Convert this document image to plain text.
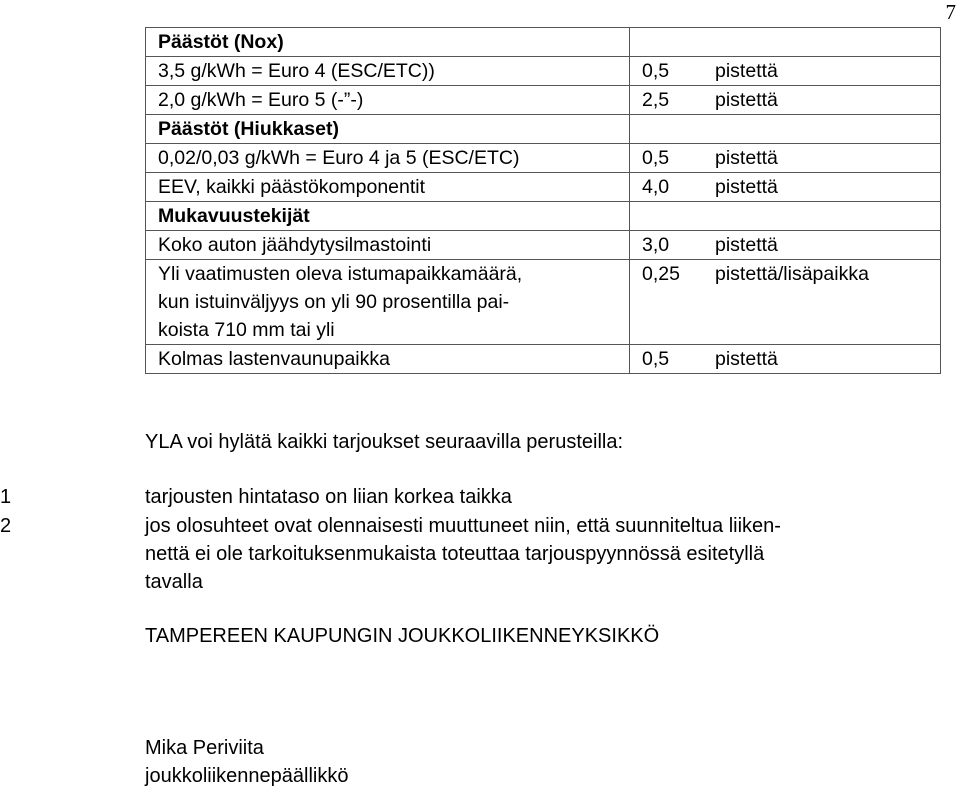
7
Päästöt (Nox)		
3,5 g/kWh = Euro 4 (ESC/ETC))	0,5	pistettä
2,0 g/kWh = Euro 5 (-”-)	2,5	pistettä
Päästöt (Hiukkaset)		
0,02/0,03 g/kWh = Euro 4 ja 5 (ESC/ETC)	0,5	pistettä
EEV, kaikki päästökomponentit	4,0	pistettä
Mukavuustekijät		
Koko auton jäähdytysilmastointi	3,0	pistettä
Yli vaatimusten oleva istumapaikkamäärä,
kun istuinväljyys on yli 90 prosentilla pai-
koista 710 mm tai yli	0,25	pistettä/lisäpaikka
Kolmas lastenvaunupaikka	0,5	pistettä
YLA voi hylätä kaikki tarjoukset seuraavilla perusteilla:
1	tarjousten hintataso on liian korkea taikka
2	jos olosuhteet ovat olennaisesti muuttuneet niin, että suunniteltua liiken-
nettä ei ole tarkoituksenmukaista toteuttaa tarjouspyynnössä esitetyllä
tavalla
TAMPEREEN KAUPUNGIN JOUKKOLIIKENNEYKSIKKÖ
Mika Periviita
joukkoliikennepäällikkö
